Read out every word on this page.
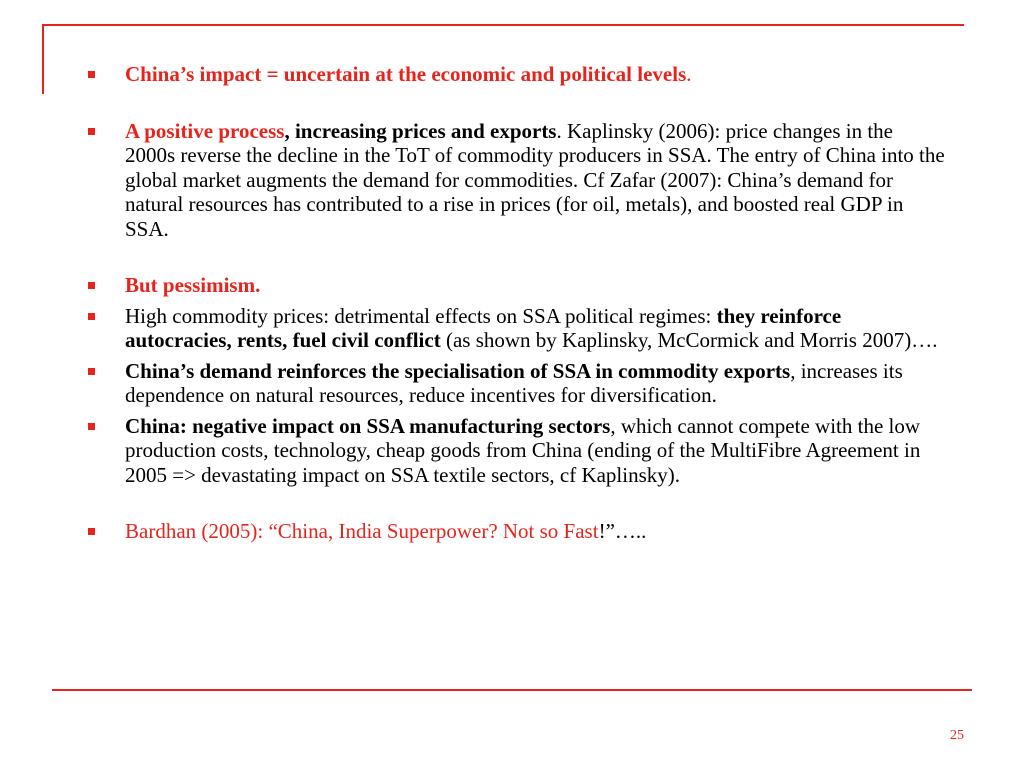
China’s impact = uncertain at the economic and political levels.
A positive process, increasing prices and exports. Kaplinsky (2006): price changes in the 2000s reverse the decline in the ToT of commodity producers in SSA. The entry of China into the global market augments the demand for commodities. Cf Zafar (2007): China’s demand for natural resources has contributed to a rise in prices (for oil, metals), and boosted real GDP in SSA.
But pessimism.
High commodity prices: detrimental effects on SSA political regimes: they reinforce autocracies, rents, fuel civil conflict (as shown by Kaplinsky, McCormick and Morris 2007)….
China’s demand reinforces the specialisation of SSA in commodity exports, increases its dependence on natural resources, reduce incentives for diversification.
China: negative impact on SSA manufacturing sectors, which cannot compete with the low production costs, technology, cheap goods from China (ending of the MultiFibre Agreement in 2005 => devastating impact on SSA textile sectors, cf Kaplinsky).
Bardhan (2005): “China, India Superpower? Not so Fast!”…..
25
